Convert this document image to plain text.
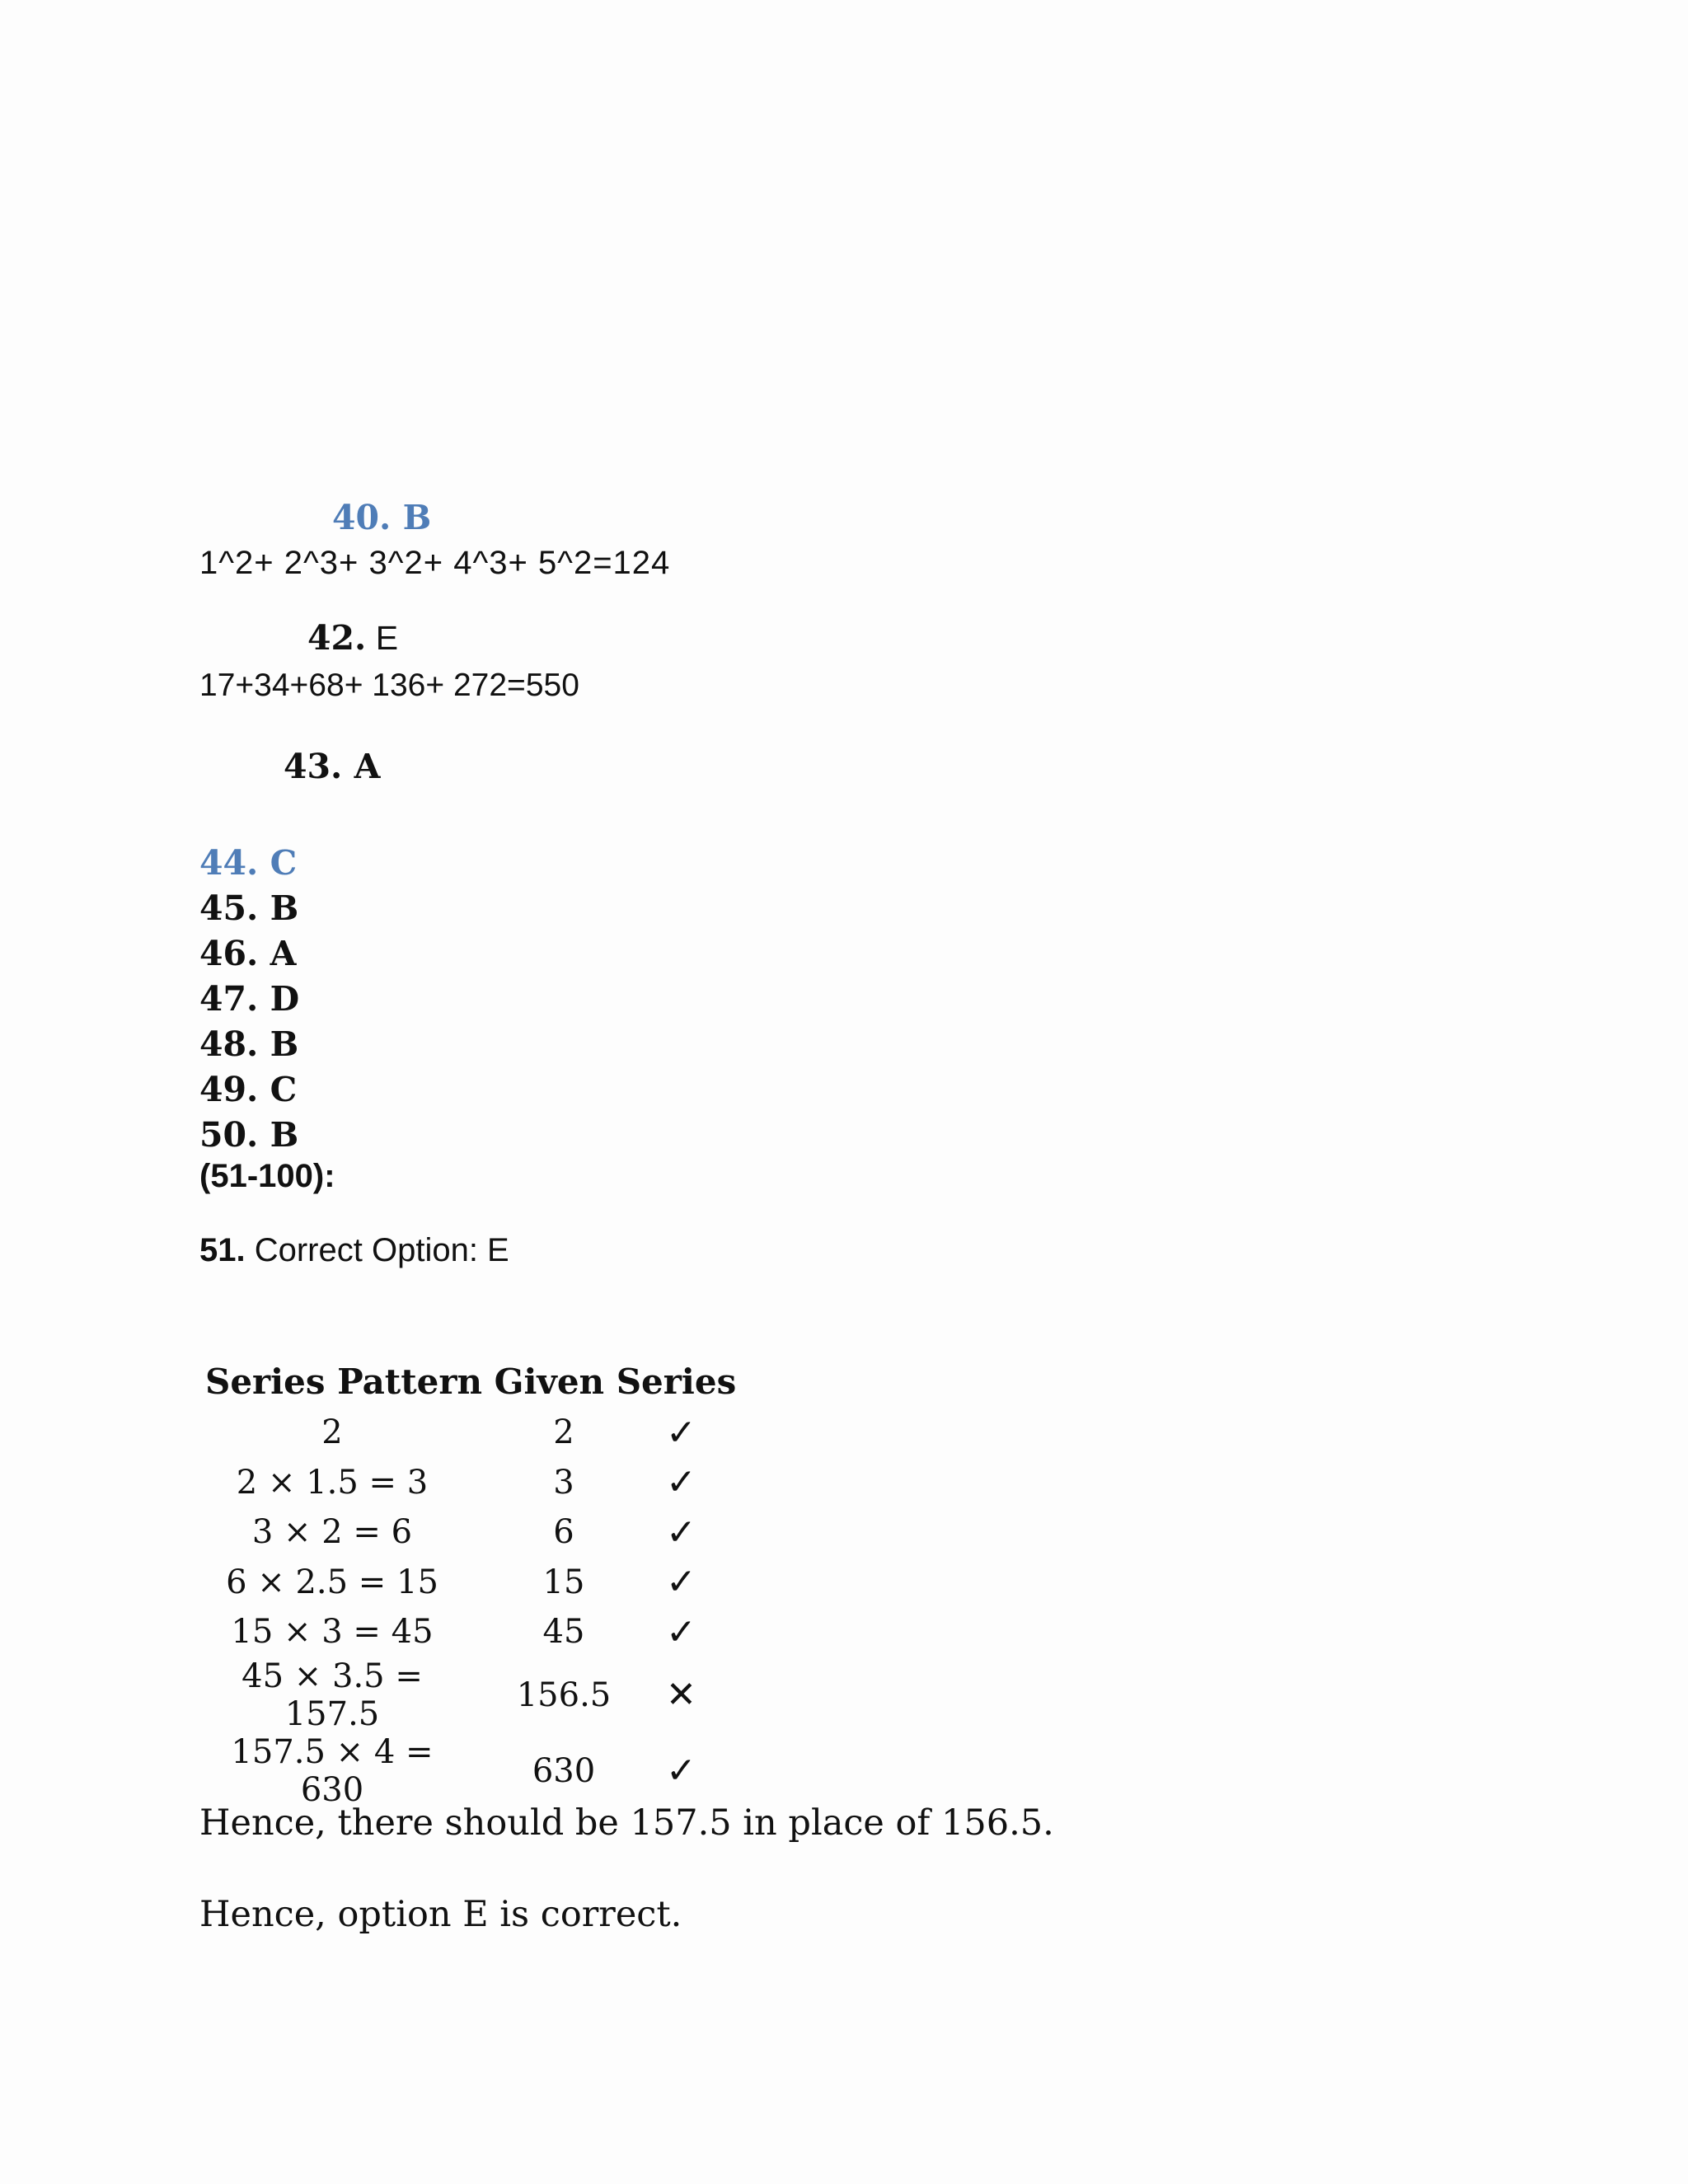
40. B
1^2+ 2^3+ 3^2+ 4^3+ 5^2=124
42. E
17+34+68+ 136+ 272=550
43. A
44. C
45. B
46. A
47. D
48. B
49. C
50. B
(51-100):
51. Correct Option: E
Series Pattern Given Series
2	2	✓
2 × 1.5 = 3	3	✓
3 × 2 = 6	6	✓
6 × 2.5 = 15	15	✓
15 × 3 = 45	45	✓
45 × 3.5 = 157.5	156.5	✕
157.5 × 4 = 630	630	✓
Hence, there should be 157.5 in place of 156.5.
Hence, option E is correct.
